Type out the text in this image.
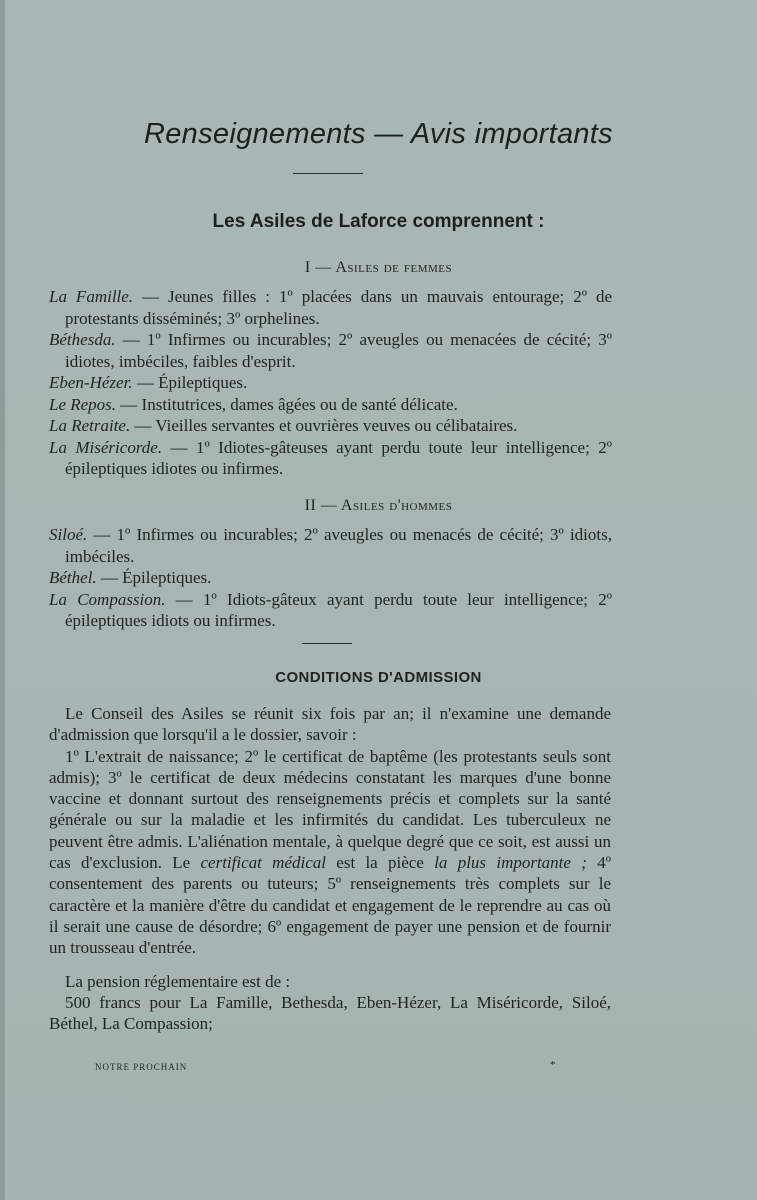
Renseignements — Avis importants
Les Asiles de Laforce comprennent :
I — Asiles de femmes
La Famille. — Jeunes filles : 1º placées dans un mauvais entourage; 2º de protestants disséminés; 3º orphelines.
Béthesda. — 1º Infirmes ou incurables; 2º aveugles ou menacées de cécité; 3º idiotes, imbéciles, faibles d'esprit.
Eben-Hézer. — Épileptiques.
Le Repos. — Institutrices, dames âgées ou de santé délicate.
La Retraite. — Vieilles servantes et ouvrières veuves ou célibataires.
La Miséricorde. — 1º Idiotes-gâteuses ayant perdu toute leur intelligence; 2º épileptiques idiotes ou infirmes.
II — Asiles d'hommes
Siloé. — 1º Infirmes ou incurables; 2º aveugles ou menacés de cécité; 3º idiots, imbéciles.
Béthel. — Épileptiques.
La Compassion. — 1º Idiots-gâteux ayant perdu toute leur intelligence; 2º épileptiques idiots ou infirmes.
CONDITIONS D'ADMISSION

Le Conseil des Asiles se réunit six fois par an; il n'examine une demande d'admission que lorsqu'il a le dossier, savoir :

1º L'extrait de naissance; 2º le certificat de baptême (les protestants seuls sont admis); 3º le certificat de deux médecins constatant les marques d'une bonne vaccine et donnant surtout des renseignements précis et complets sur la santé générale ou sur la maladie et les infirmités du candidat. Les tuberculeux ne peuvent être admis. L'aliénation mentale, à quelque degré que ce soit, est aussi un cas d'exclusion. Le certificat médical est la pièce la plus importante ; 4º consentement des parents ou tuteurs; 5º renseignements très complets sur le caractère et la manière d'être du candidat et engagement de le reprendre au cas où il serait une cause de désordre; 6º engagement de payer une pension et de fournir un trousseau d'entrée.

La pension réglementaire est de :

500 francs pour La Famille, Bethesda, Eben-Hézer, La Miséricorde, Siloé, Béthel, La Compassion;

NOTRE PROCHAIN	*
